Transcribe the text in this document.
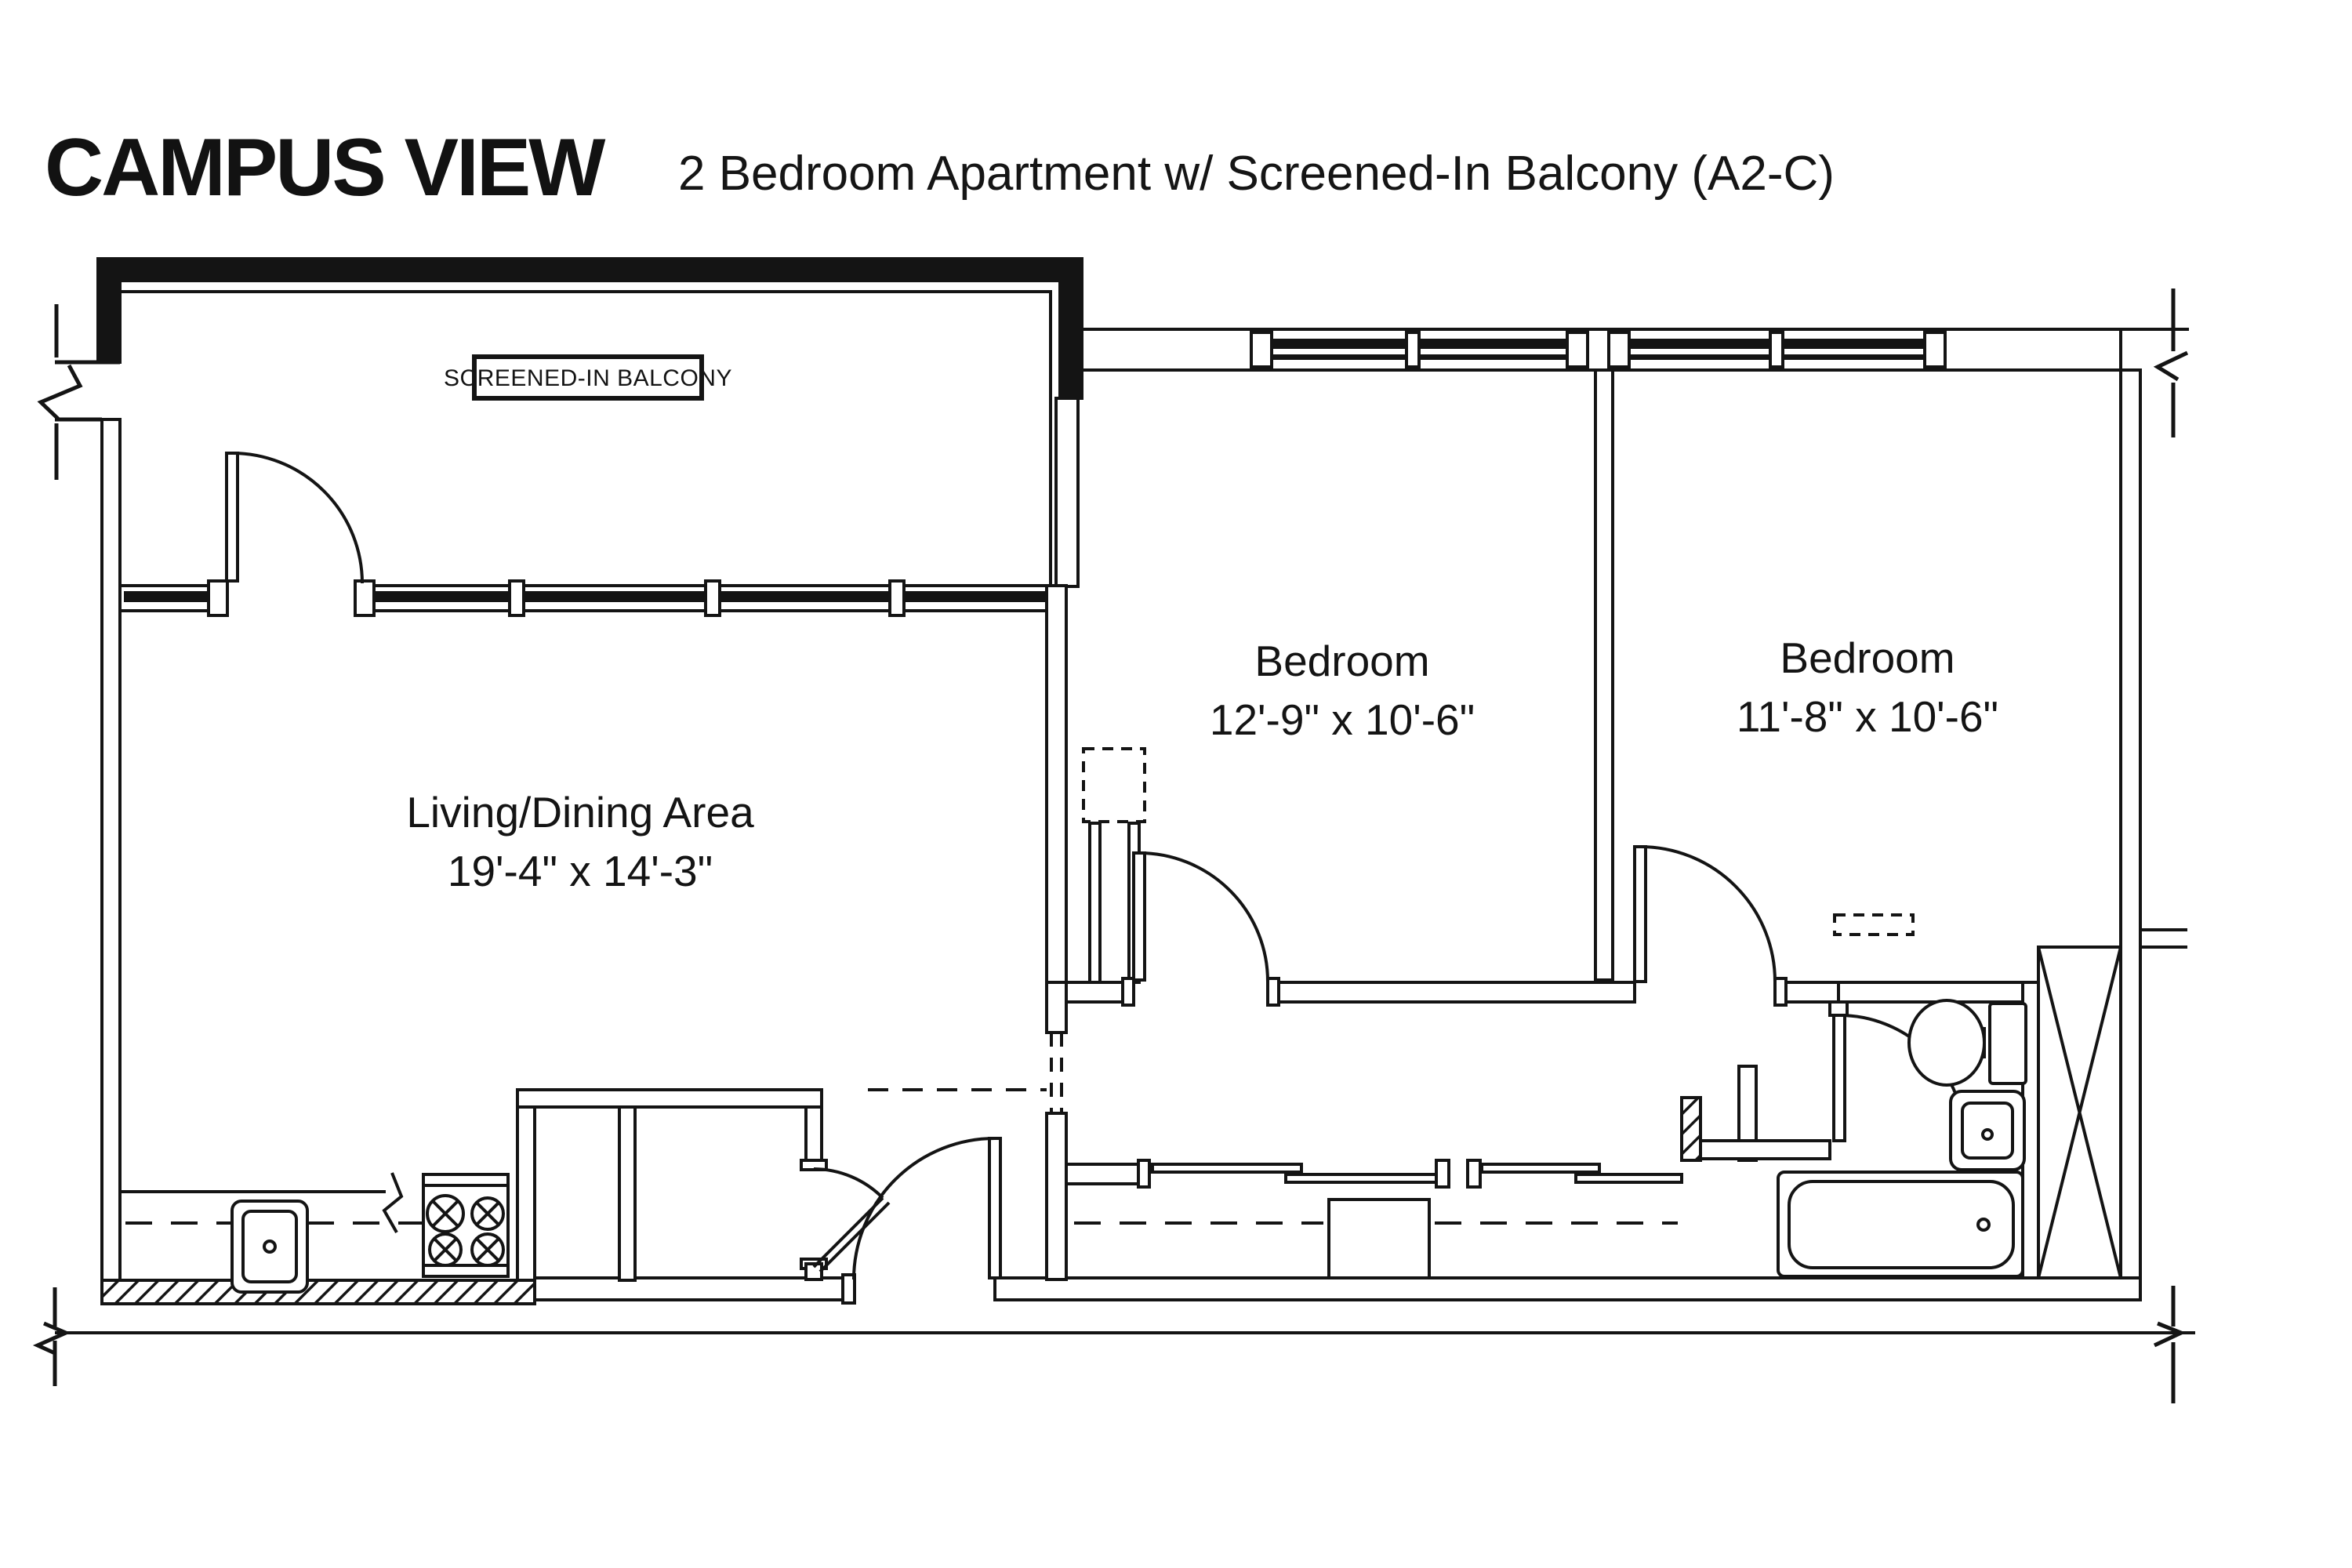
CAMPUS VIEW 2 Bedroom Apartment w/ Screened-In Balcony (A2-C)
SCREENED-IN BALCONY
Living/Dining Area
19'-4" x 14'-3"
Bedroom
12'-9" x 10'-6"
Bedroom
11'-8" x 10'-6"
